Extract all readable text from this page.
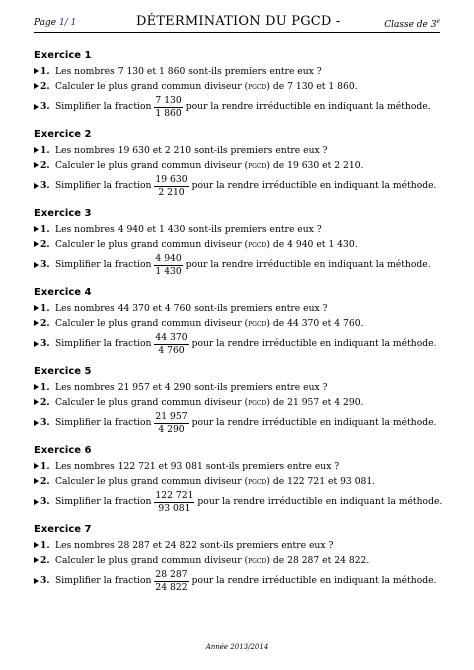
Page 1/ 1	DÉTERMINATION DU PGCD -	Classe de 3e
Exercice 1
1. Les nombres 7 130 et 1 860 sont-ils premiers entre eux ?
2. Calculer le plus grand commun diviseur (pgcd) de 7 130 et 1 860.
3. Simplifier la fraction $\frac{7 130}{1 860}$ pour la rendre irréductible en indiquant la méthode.
Exercice 2
1. Les nombres 19 630 et 2 210 sont-ils premiers entre eux ?
2. Calculer le plus grand commun diviseur (pgcd) de 19 630 et 2 210.
3. Simplifier la fraction $\frac{19 630}{2 210}$ pour la rendre irréductible en indiquant la méthode.
Exercice 3
1. Les nombres 4 940 et 1 430 sont-ils premiers entre eux ?
2. Calculer le plus grand commun diviseur (pgcd) de 4 940 et 1 430.
3. Simplifier la fraction $\frac{4 940}{1 430}$ pour la rendre irréductible en indiquant la méthode.
Exercice 4
1. Les nombres 44 370 et 4 760 sont-ils premiers entre eux ?
2. Calculer le plus grand commun diviseur (pgcd) de 44 370 et 4 760.
3. Simplifier la fraction $\frac{44 370}{4 760}$ pour la rendre irréductible en indiquant la méthode.
Exercice 5
1. Les nombres 21 957 et 4 290 sont-ils premiers entre eux ?
2. Calculer le plus grand commun diviseur (pgcd) de 21 957 et 4 290.
3. Simplifier la fraction $\frac{21 957}{4 290}$ pour la rendre irréductible en indiquant la méthode.
Exercice 6
1. Les nombres 122 721 et 93 081 sont-ils premiers entre eux ?
2. Calculer le plus grand commun diviseur (pgcd) de 122 721 et 93 081.
3. Simplifier la fraction $\frac{122 721}{93 081}$ pour la rendre irréductible en indiquant la méthode.
Exercice 7
1. Les nombres 28 287 et 24 822 sont-ils premiers entre eux ?
2. Calculer le plus grand commun diviseur (pgcd) de 28 287 et 24 822.
3. Simplifier la fraction $\frac{28 287}{24 822}$ pour la rendre irréductible en indiquant la méthode.
Année 2013/2014
